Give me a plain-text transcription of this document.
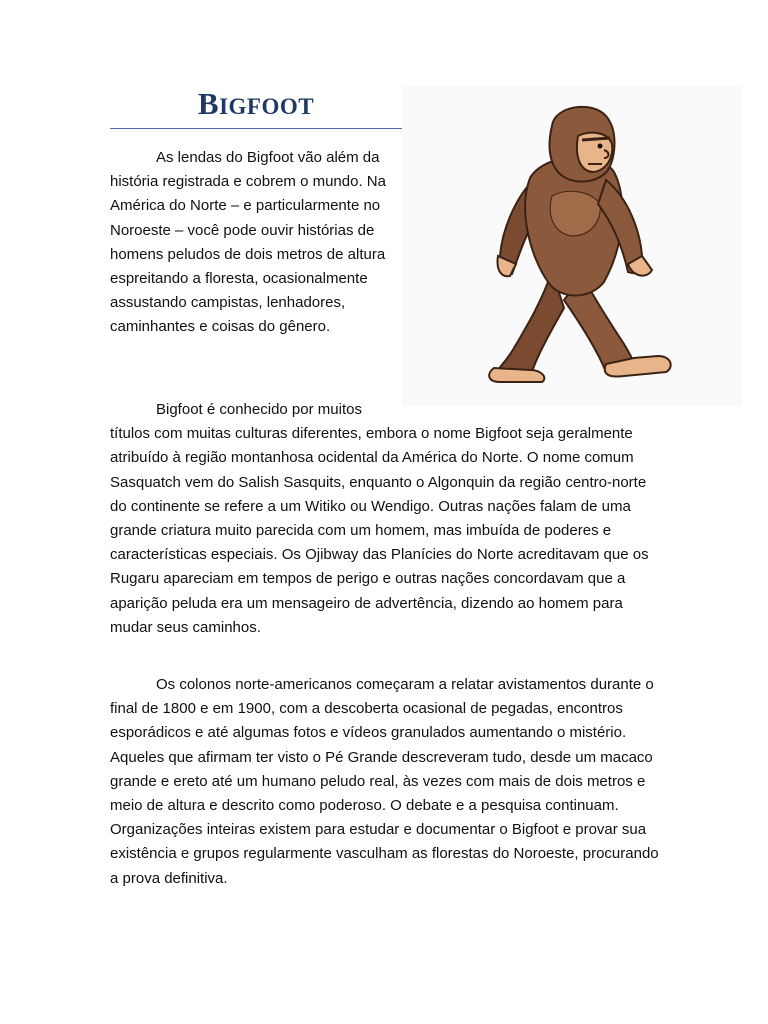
BIGFOOT

As lendas do Bigfoot vão além da história registrada e cobrem o mundo. Na América do Norte – e particularmente no Noroeste – você pode ouvir histórias de homens peludos de dois metros de altura espreitando a floresta, ocasionalmente assustando campistas, lenhadores, caminhantes e coisas do gênero.

Bigfoot é conhecido por muitos
títulos com muitas culturas diferentes, embora o nome Bigfoot seja geralmente atribuído à região montanhosa ocidental da América do Norte. O nome comum Sasquatch vem do Salish Sasquits, enquanto o Algonquin da região centro-norte do continente se refere a um Witiko ou Wendigo. Outras nações falam de uma grande criatura muito parecida com um homem, mas imbuída de poderes e características especiais. Os Ojibway das Planícies do Norte acreditavam que os Rugaru apareciam em tempos de perigo e outras nações concordavam que a aparição peluda era um mensageiro de advertência, dizendo ao homem para mudar seus caminhos.

Os colonos norte-americanos começaram a relatar avistamentos durante o final de 1800 e em 1900, com a descoberta ocasional de pegadas, encontros esporádicos e até algumas fotos e vídeos granulados aumentando o mistério. Aqueles que afirmam ter visto o Pé Grande descreveram tudo, desde um macaco grande e ereto até um humano peludo real, às vezes com mais de dois metros e meio de altura e descrito como poderoso. O debate e a pesquisa continuam. Organizações inteiras existem para estudar e documentar o Bigfoot e provar sua existência e grupos regularmente vasculham as florestas do Noroeste, procurando a prova definitiva.
